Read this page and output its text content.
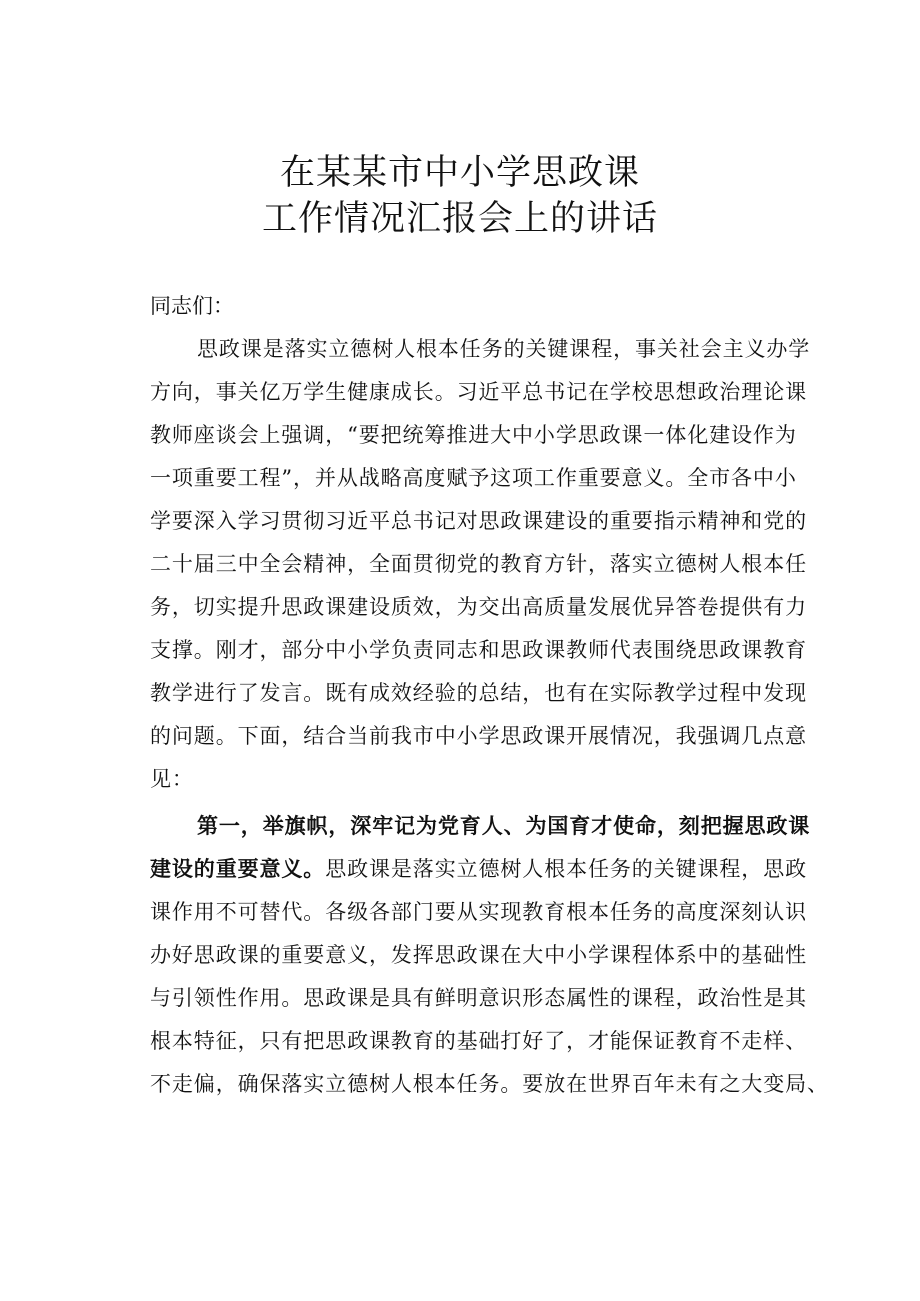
在某某市中小学思政课
工作情况汇报会上的讲话
同志们：
思政课是落实立德树人根本任务的关键课程，事关社会主义办学
方向，事关亿万学生健康成长。习近平总书记在学校思想政治理论课
教师座谈会上强调，“要把统筹推进大中小学思政课一体化建设作为
一项重要工程”，并从战略高度赋予这项工作重要意义。全市各中小
学要深入学习贯彻习近平总书记对思政课建设的重要指示精神和党的
二十届三中全会精神，全面贯彻党的教育方针，落实立德树人根本任
务，切实提升思政课建设质效，为交出高质量发展优异答卷提供有力
支撑。刚才，部分中小学负责同志和思政课教师代表围绕思政课教育
教学进行了发言。既有成效经验的总结，也有在实际教学过程中发现
的问题。下面，结合当前我市中小学思政课开展情况，我强调几点意
见：
第一，举旗帜，深牢记为党育人、为国育才使命，刻把握思政课
建设的重要意义。思政课是落实立德树人根本任务的关键课程，思政
课作用不可替代。各级各部门要从实现教育根本任务的高度深刻认识
办好思政课的重要意义，发挥思政课在大中小学课程体系中的基础性
与引领性作用。思政课是具有鲜明意识形态属性的课程，政治性是其
根本特征，只有把思政课教育的基础打好了，才能保证教育不走样、
不走偏，确保落实立德树人根本任务。要放在世界百年未有之大变局、
